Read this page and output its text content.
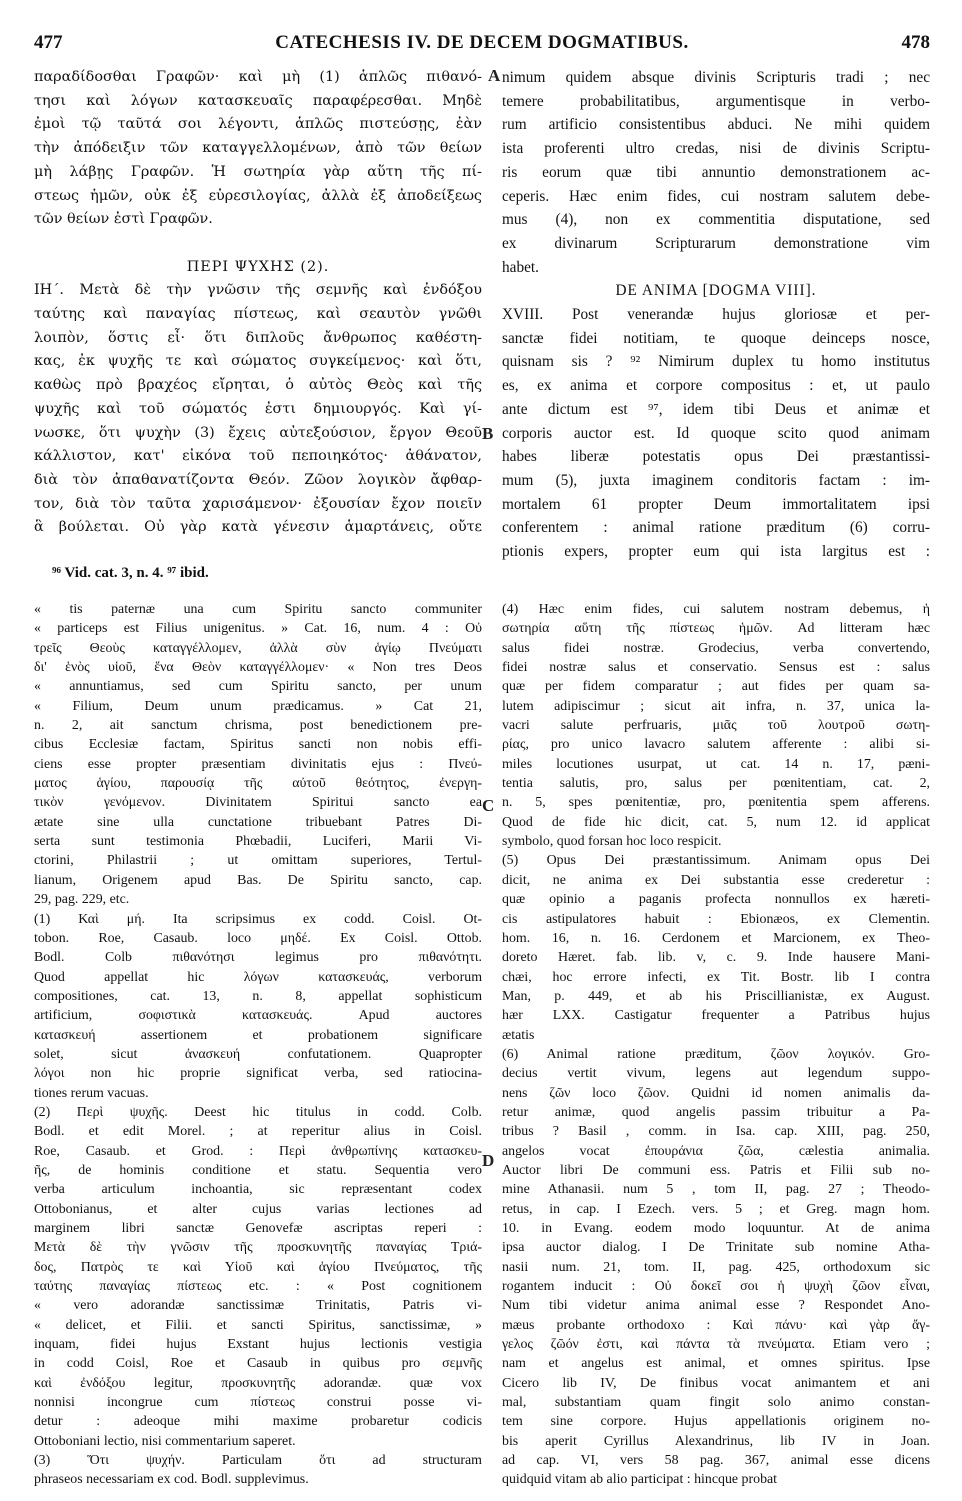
477	CATECHESIS IV. DE DECEM DOGMATIBUS.	478
A
B
C
D
παραδίδοσθαι Γραφῶν· καὶ μὴ (1) ἁπλῶς πιθανό-
τησι καὶ λόγων κατασκευαῖς παραφέρεσθαι. Μηδὲ
ἐμοὶ τῷ ταῦτά σοι λέγοντι, ἁπλῶς πιστεύσῃς, ἐὰν
τὴν ἀπόδειξιν τῶν καταγγελλομένων, ἀπὸ τῶν θείων
μὴ λάβῃς Γραφῶν. Ἡ σωτηρία γὰρ αὕτη τῆς πί-
στεως ἡμῶν, οὐκ ἐξ εὑρεσιλογίας, ἀλλὰ ἐξ ἀποδείξεως
τῶν θείων ἐστὶ Γραφῶν.
ΠΕΡΙ ΨΥΧΗΣ (2).
ΙΗ΄. Μετὰ δὲ τὴν γνῶσιν τῆς σεμνῆς καὶ ἐνδόξου
ταύτης καὶ παναγίας πίστεως, καὶ σεαυτὸν γνῶθι
λοιπὸν, ὅστις εἶ· ὅτι διπλοῦς ἄνθρωπος καθέστη-
κας, ἐκ ψυχῆς τε καὶ σώματος συγκείμενος· καὶ ὅτι,
καθὼς πρὸ βραχέος εἴρηται, ὁ αὐτὸς Θεὸς καὶ τῆς
ψυχῆς καὶ τοῦ σώματός ἐστι δημιουργός. Καὶ γί-
νωσκε, ὅτι ψυχὴν (3) ἔχεις αὐτεξούσιον, ἔργον Θεοῦ
κάλλιστον, κατ' εἰκόνα τοῦ πεποιηκότος· ἀθάνατον,
διὰ τὸν ἀπαθανατίζοντα Θεόν. Ζῶον λογικὸν ἄφθαρ-
τον, διὰ τὸν ταῦτα χαρισάμενον· ἐξουσίαν ἔχον ποιεῖν
ἃ βούλεται. Οὐ γὰρ κατὰ γένεσιν ἁμαρτάνεις, οὔτε
nimum quidem absque divinis Scripturis tradi ; nec
temere probabilitatibus, argumentisque in verbo-
rum artificio consistentibus abduci. Ne mihi quidem
ista proferenti ultro credas, nisi de divinis Scriptu-
ris eorum quæ tibi annuntio demonstrationem ac-
ceperis. Hæc enim fides, cui nostram salutem debe-
mus (4), non ex commentitia disputatione, sed
ex divinarum Scripturarum demonstratione vim
habet.
DE ANIMA [DOGMA VIII].
XVIII. Post venerandæ hujus gloriosæ et per-
sanctæ fidei notitiam, te quoque deinceps nosce,
quisnam sis ? ⁹² Nimirum duplex tu homo institutus
es, ex anima et corpore compositus : et, ut paulo
ante dictum est ⁹⁷, idem tibi Deus et animæ et
corporis auctor est. Id quoque scito quod animam
habes liberæ potestatis opus Dei præstantissi-
mum (5), juxta imaginem conditoris factam : im-
mortalem 61 propter Deum immortalitatem ipsi
conferentem : animal ratione præditum (6) corru-
ptionis expers, propter eum qui ista largitus est :
⁹⁶ Vid. cat. 3, n. 4. ⁹⁷ ibid.
« tis paternæ una cum Spiritu sancto communiter
« particeps est Filius unigenitus. » Cat. 16, num. 4 : Οὐ
τρεῖς Θεοὺς καταγγέλλομεν, ἀλλὰ σὺν ἁγίῳ Πνεύματι
δι' ἑνὸς υἱοῦ, ἕνα Θεὸν καταγγέλλομεν· « Non tres Deos
« annuntiamus, sed cum Spiritu sancto, per unum
« Filium, Deum unum prædicamus. » Cat 21,
n. 2, ait sanctum chrisma, post benedictionem pre-
cibus Ecclesiæ factam, Spiritus sancti non nobis effi-
ciens esse propter præsentiam divinitatis ejus : Πνεύ-
ματος ἁγίου, παρουσίᾳ τῆς αὐτοῦ θεότητος, ἐνεργη-
τικὸν γενόμενον. Divinitatem Spiritui sancto ea
ætate sine ulla cunctatione tribuebant Patres Di-
serta sunt testimonia Phœbadii, Luciferi, Marii Vi-
ctorini, Philastrii ; ut omittam superiores, Tertul-
lianum, Origenem apud Bas. De Spiritu sancto, cap.
29, pag. 229, etc.
(1) Καὶ μή. Ita scripsimus ex codd. Coisl. Ot-
tobon. Roe, Casaub. loco μηδέ. Ex Coisl. Ottob.
Bodl. Colb πιθανότησι legimus pro πιθανότητι.
Quod appellat hic λόγων κατασκευάς, verborum
compositiones, cat. 13, n. 8, appellat sophisticum
artificium, σοφιστικὰ κατασκευάς. Apud auctores
κατασκευή assertionem et probationem significare
solet, sicut ἀνασκευή confutationem. Quapropter
λόγοι non hic proprie significat verba, sed ratiocina-
tiones rerum vacuas.
(2) Περὶ ψυχῆς. Deest hic titulus in codd. Colb.
Bodl. et edit Morel. ; at reperitur alius in Coisl.
Roe, Casaub. et Grod. : Περὶ ἀνθρωπίνης κατασκευ-
ῆς, de hominis conditione et statu. Sequentia vero
verba articulum inchoantia, sic repræsentant codex
Ottobonianus, et alter cujus varias lectiones ad
marginem libri sanctæ Genovefæ ascriptas reperi :
Μετὰ δὲ τὴν γνῶσιν τῆς προσκυνητῆς παναγίας Τριά-
δος, Πατρὸς τε καὶ Υἱοῦ καὶ ἁγίου Πνεύματος, τῆς
ταύτης παναγίας πίστεως etc. : « Post cognitionem
« vero adorandæ sanctissimæ Trinitatis, Patris vi-
« delicet, et Filii. et sancti Spiritus, sanctissimæ, »
inquam, fidei hujus Exstant hujus lectionis vestigia
in codd Coisl, Roe et Casaub in quibus pro σεμνῆς
καὶ ἐνδόξου legitur, προσκυνητῆς adorandæ. quæ vox
nonnisi incongrue cum πίστεως construi posse vi-
detur : adeoque mihi maxime probaretur codicis
Ottoboniani lectio, nisi commentarium saperet.
(3) Ὅτι ψυχήν. Particulam ὅτι ad structuram
phraseos necessariam ex cod. Bodl. supplevimus.
(4) Hæc enim fides, cui salutem nostram debemus, ἡ
σωτηρία αὕτη τῆς πίστεως ἡμῶν. Ad litteram hæc
salus fidei nostræ. Grodecius, verba convertendo,
fidei nostræ salus et conservatio. Sensus est : salus
quæ per fidem comparatur ; aut fides per quam sa-
lutem adipiscimur ; sicut ait infra, n. 37, unica la-
vacri salute perfruaris, μιᾶς τοῦ λουτροῦ σωτη-
ρίας, pro unico lavacro salutem afferente : alibi si-
miles locutiones usurpat, ut cat. 14 n. 17, pæni-
tentia salutis, pro, salus per pœnitentiam, cat. 2,
n. 5, spes pœnitentiæ, pro, pœnitentia spem afferens.
Quod de fide hic dicit, cat. 5, num 12. id applicat
symbolo, quod forsan hoc loco respicit.
(5) Opus Dei præstantissimum. Animam opus Dei
dicit, ne anima ex Dei substantia esse crederetur :
quæ opinio a paganis profecta nonnullos ex hæreti-
cis astipulatores habuit : Ebionæos, ex Clementin.
hom. 16, n. 16. Cerdonem et Marcionem, ex Theo-
doreto Hæret. fab. lib. v, c. 9. Inde hausere Mani-
chæi, hoc errore infecti, ex Tit. Bostr. lib I contra
Man, p. 449, et ab his Priscillianistæ, ex August.
hær LXX. Castigatur frequenter a Patribus hujus
ætatis
(6) Animal ratione præditum, ζῶον λογικόν. Gro-
decius vertit vivum, legens aut legendum suppo-
nens ζῶν loco ζῶον. Quidni id nomen animalis da-
retur animæ, quod angelis passim tribuitur a Pa-
tribus ? Basil , comm. in Isa. cap. XIII, pag. 250,
angelos vocat ἐπουράνια ζῶα, cælestia animalia.
Auctor libri De communi ess. Patris et Filii sub no-
mine Athanasii. num 5 , tom II, pag. 27 ; Theodo-
retus, in cap. I Ezech. vers. 5 ; et Greg. magn hom.
10. in Evang. eodem modo loquuntur. At de anima
ipsa auctor dialog. I De Trinitate sub nomine Atha-
nasii num. 21, tom. II, pag. 425, orthodoxum sic
rogantem inducit : Οὐ δοκεῖ σοι ἡ ψυχὴ ζῶον εἶναι,
Num tibi videtur anima animal esse ? Respondet Ano-
mæus probante orthodoxo : Καὶ πάνυ· καὶ γὰρ ἄγ-
γελος ζῶόν ἐστι, καὶ πάντα τὰ πνεύματα. Etiam vero ;
nam et angelus est animal, et omnes spiritus. Ipse
Cicero lib IV, De finibus vocat animantem et ani
mal, substantiam quam fingit solo animo constan-
tem sine corpore. Hujus appellationis originem no-
bis aperit Cyrillus Alexandrinus, lib IV in Joan.
ad cap. VI, vers 58 pag. 367, animal esse dicens
quidquid vitam ab alio participat : hincque probat
